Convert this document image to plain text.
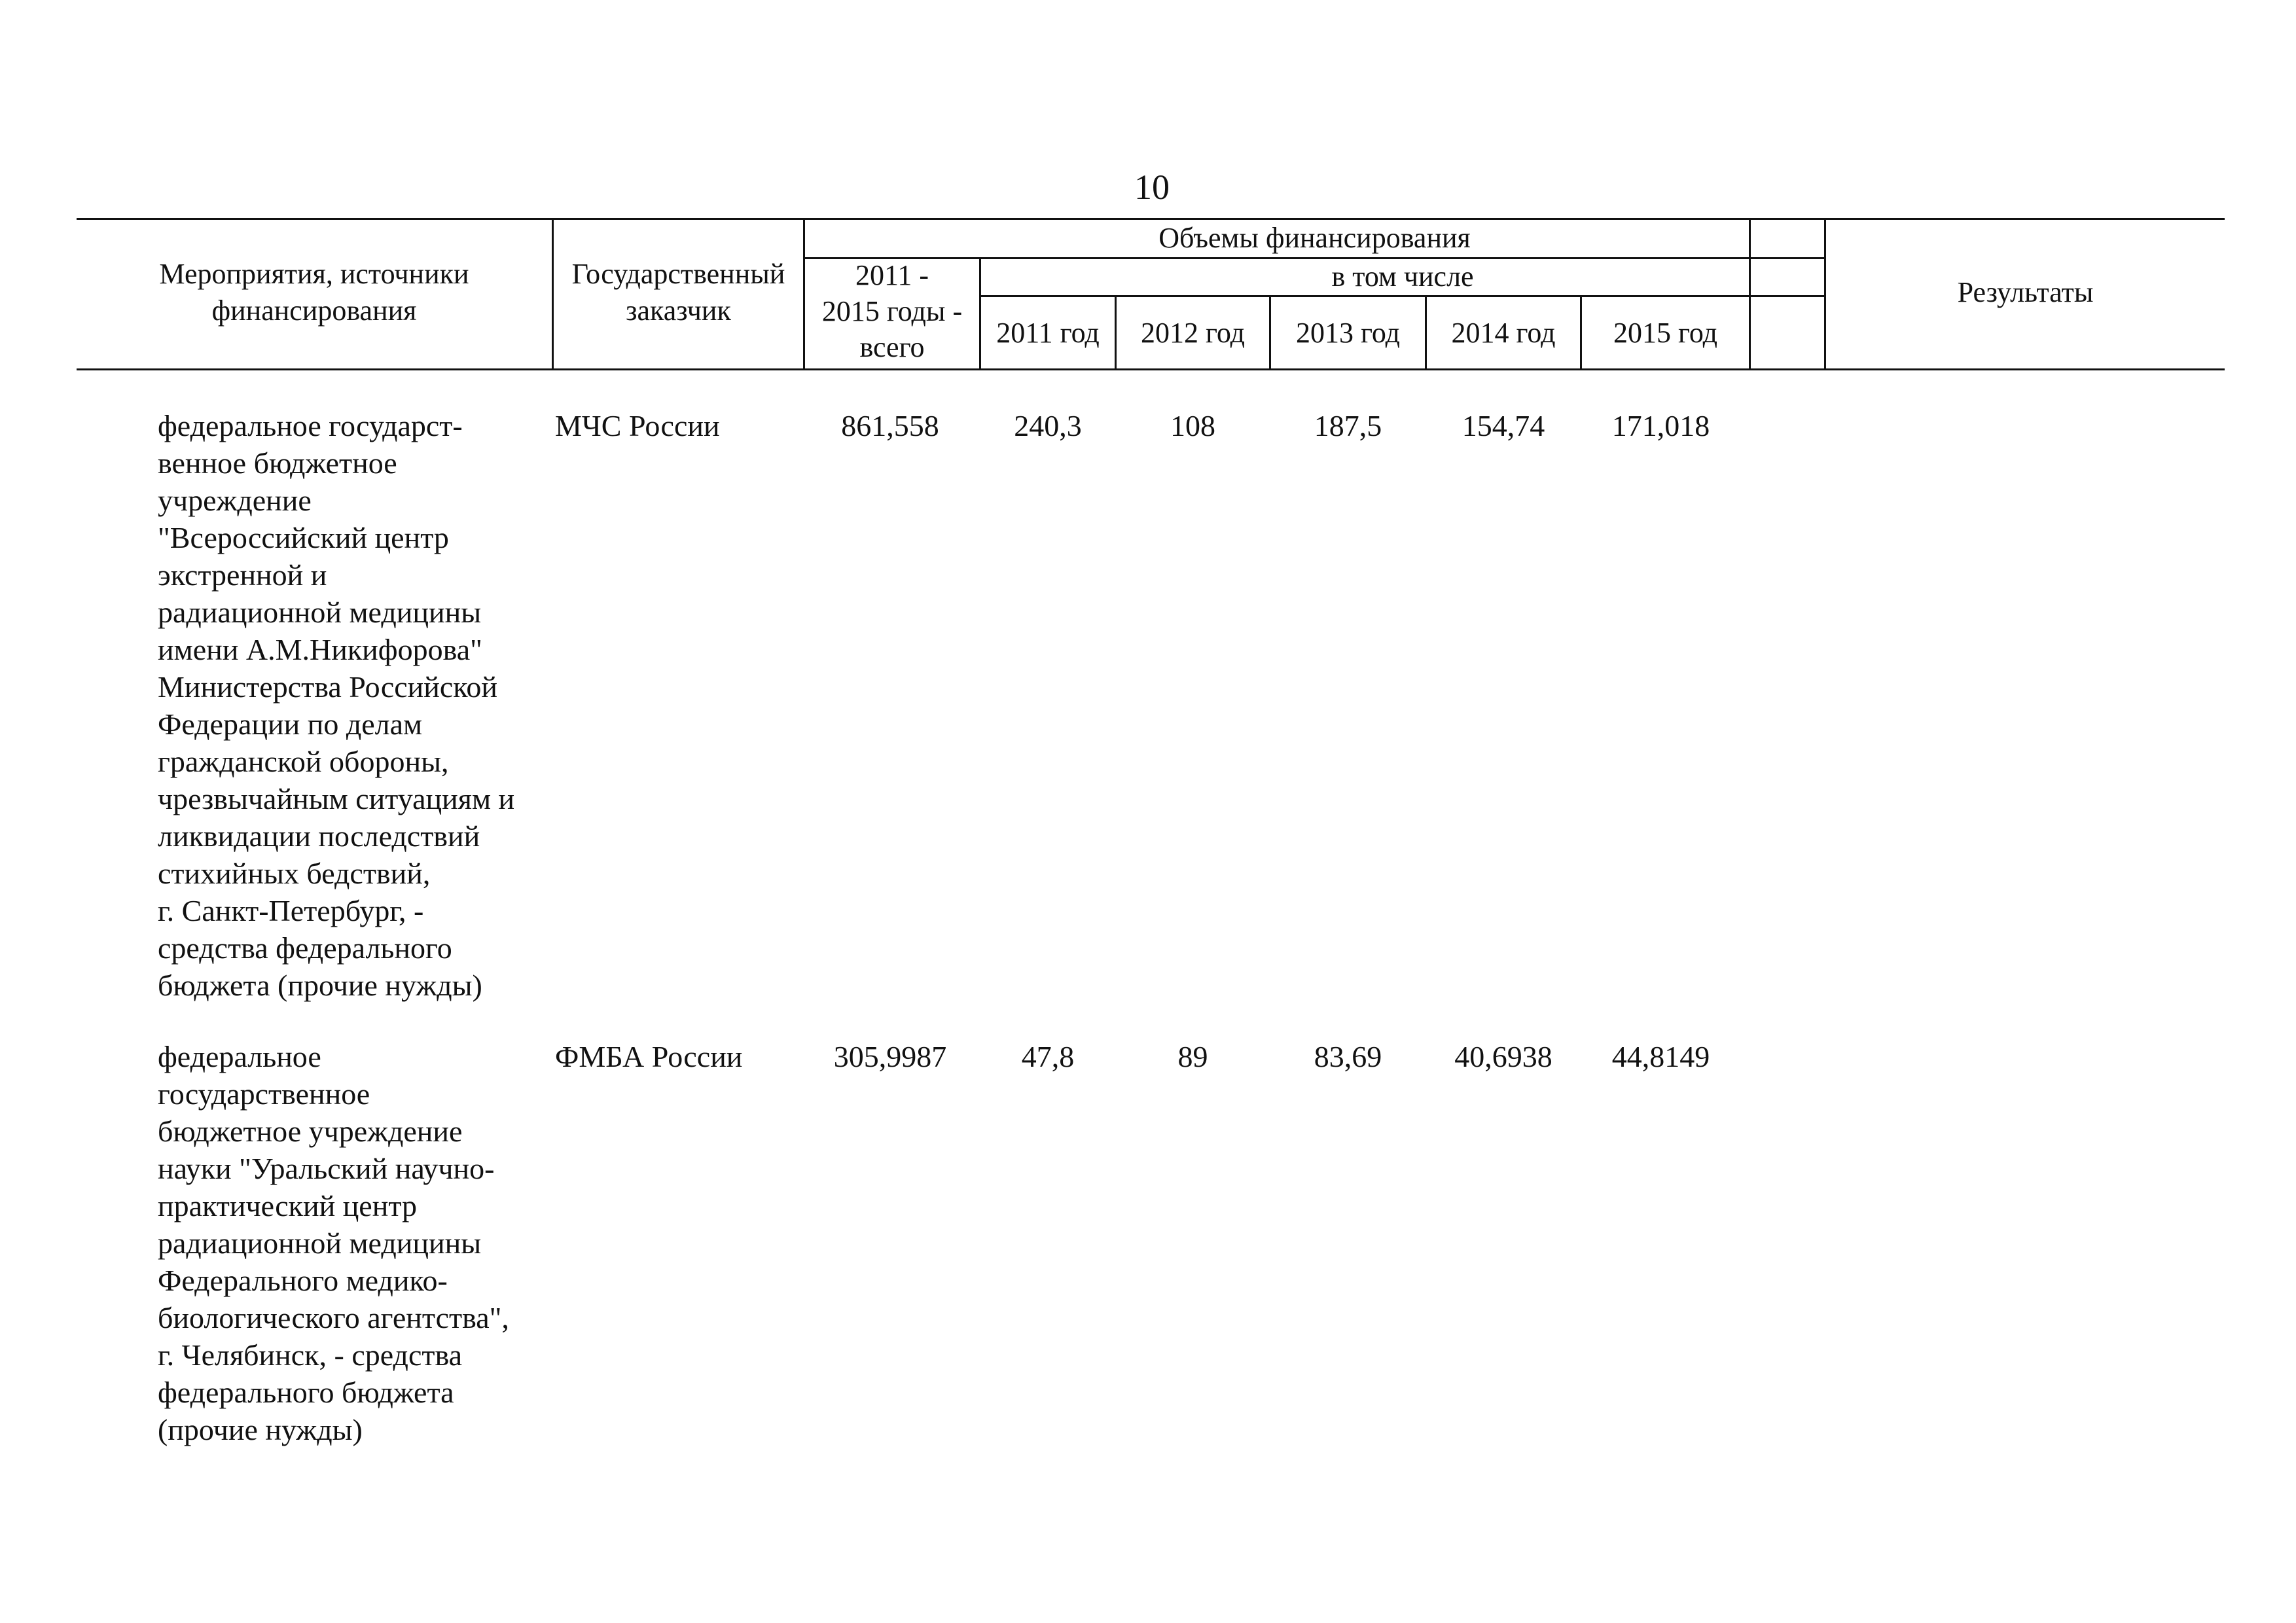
10
Мероприятия, источники
финансирования
Государственный
заказчик
Объемы финансирования
2011 -
2015 годы -
всего
в том числе
2011 год	2012 год	2013 год	2014 год	2015 год
Результаты
федеральное государст-
венное бюджетное
учреждение
"Всероссийский центр
экстренной и
радиационной медицины
имени А.М.Никифорова"
Министерства Российской
Федерации по делам
гражданской обороны,
чрезвычайным ситуациям и
ликвидации последствий
стихийных бедствий,
г. Санкт-Петербург, -
средства федерального
бюджета (прочие нужды)
МЧС России	861,558	240,3	108	187,5	154,74	171,018
федеральное
государственное
бюджетное учреждение
науки "Уральский научно-
практический центр
радиационной медицины
Федерального медико-
биологического агентства",
г. Челябинск, - средства
федерального бюджета
(прочие нужды)
ФМБА России	305,9987	47,8	89	83,69	40,6938	44,8149
